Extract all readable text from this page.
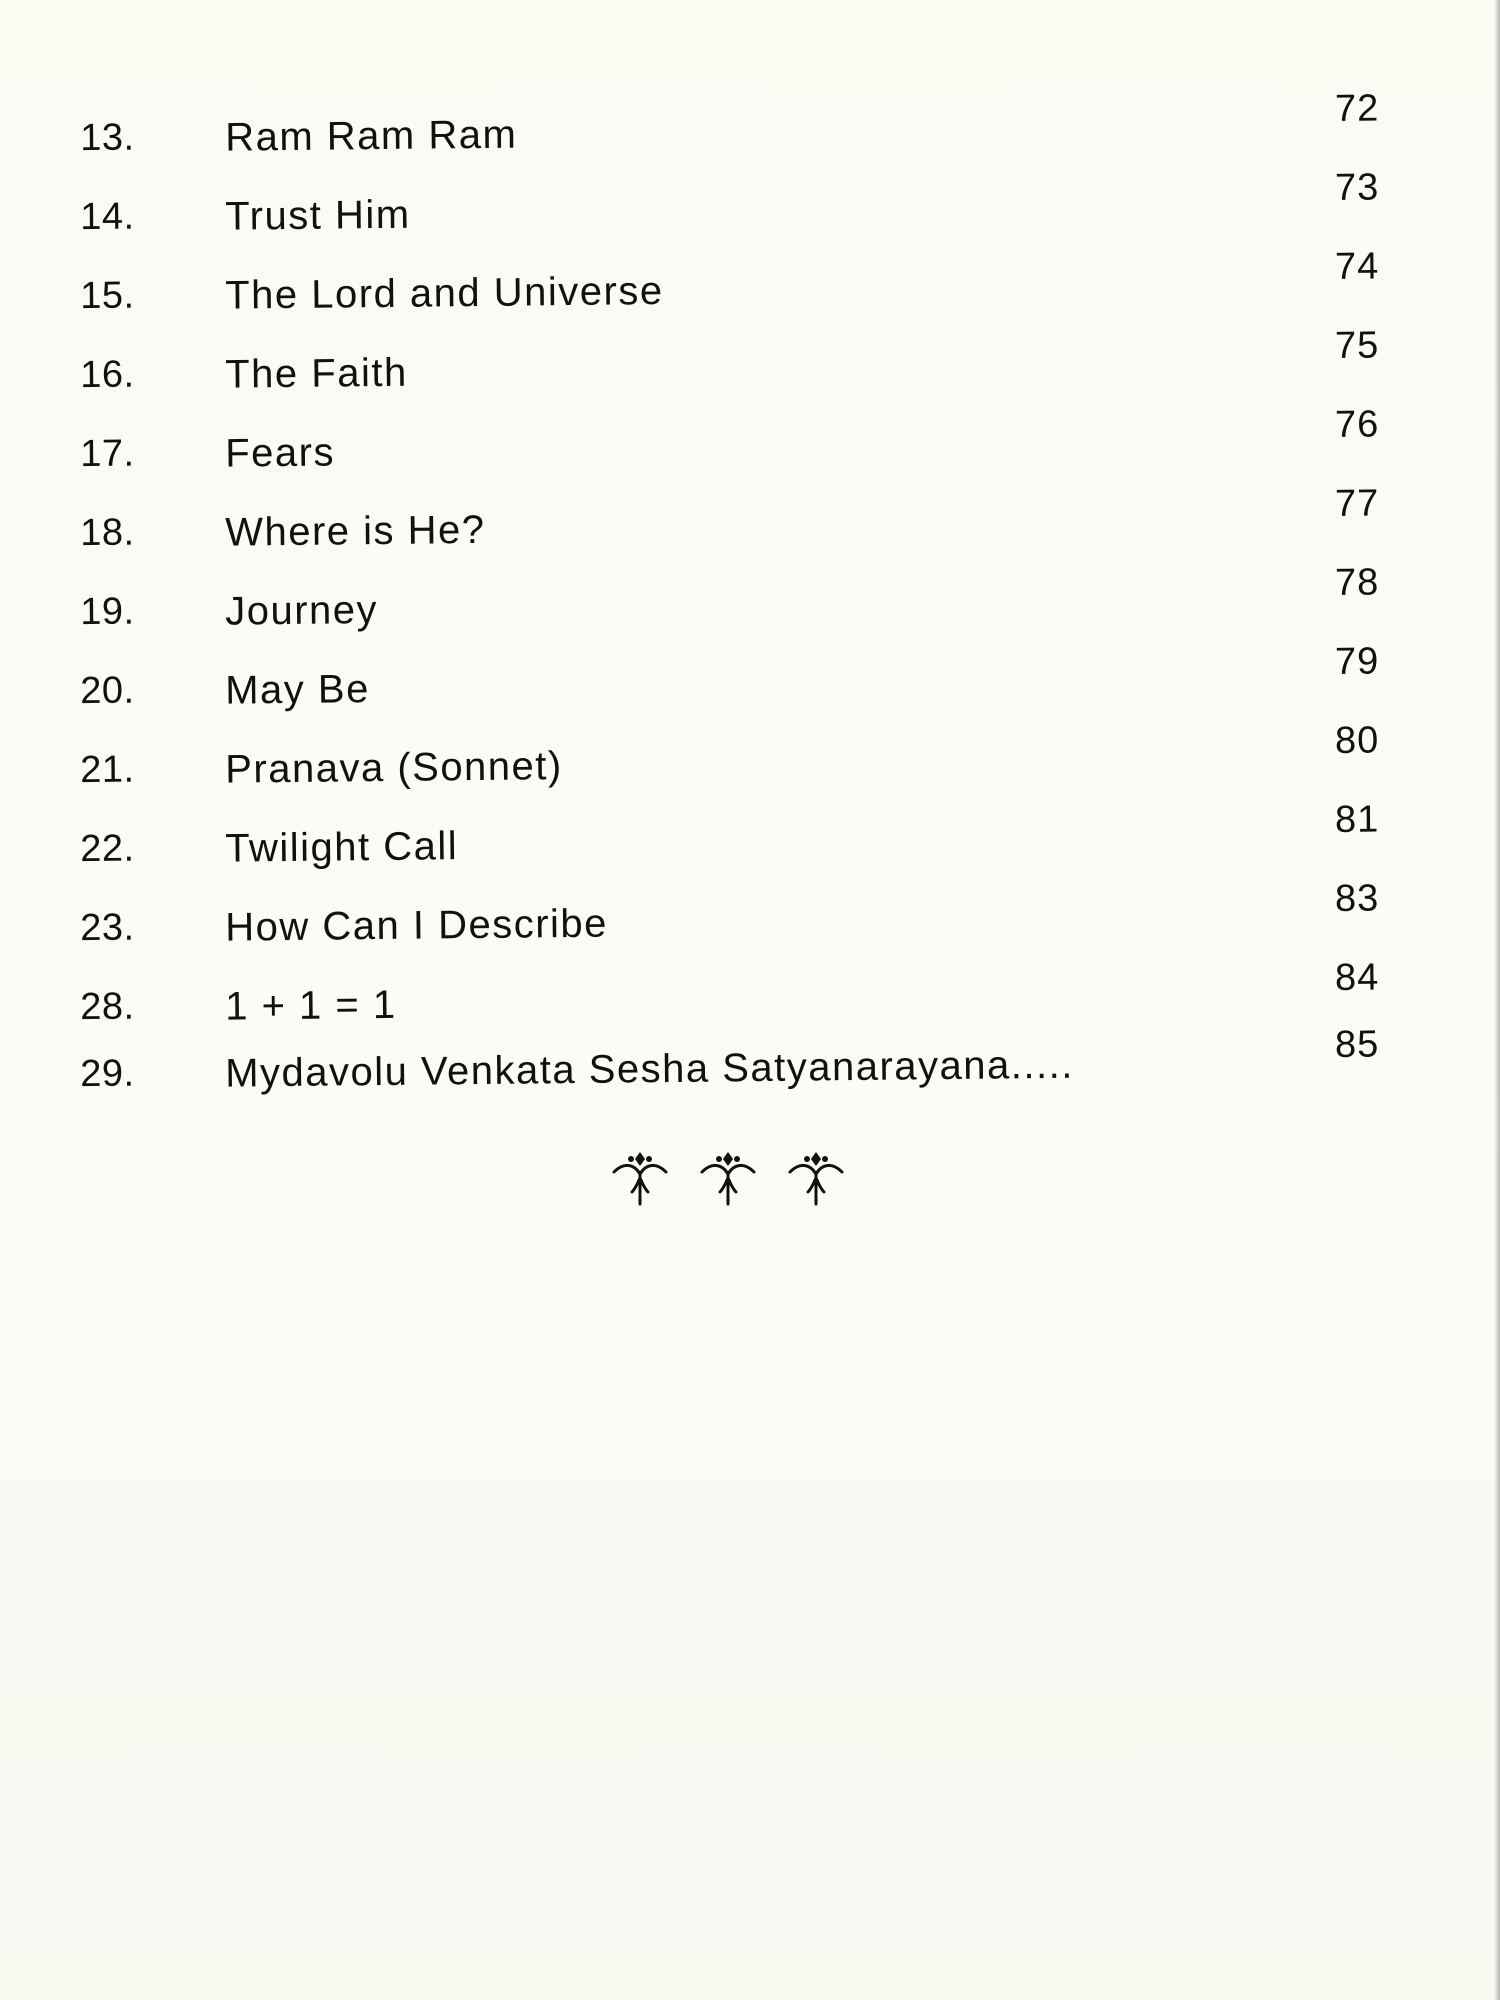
13. Ram Ram Ram
72
14. Trust Him
73
15. The Lord and Universe
74
16. The Faith
75
17. Fears
76
18. Where is He?
77
19. Journey
78
20. May Be
79
21. Pranava (Sonnet)
80
22. Twilight Call
81
23. How Can I Describe
83
28. 1 + 1 = 1
84
29. Mydavolu Venkata Sesha Satyanarayana.....	85
